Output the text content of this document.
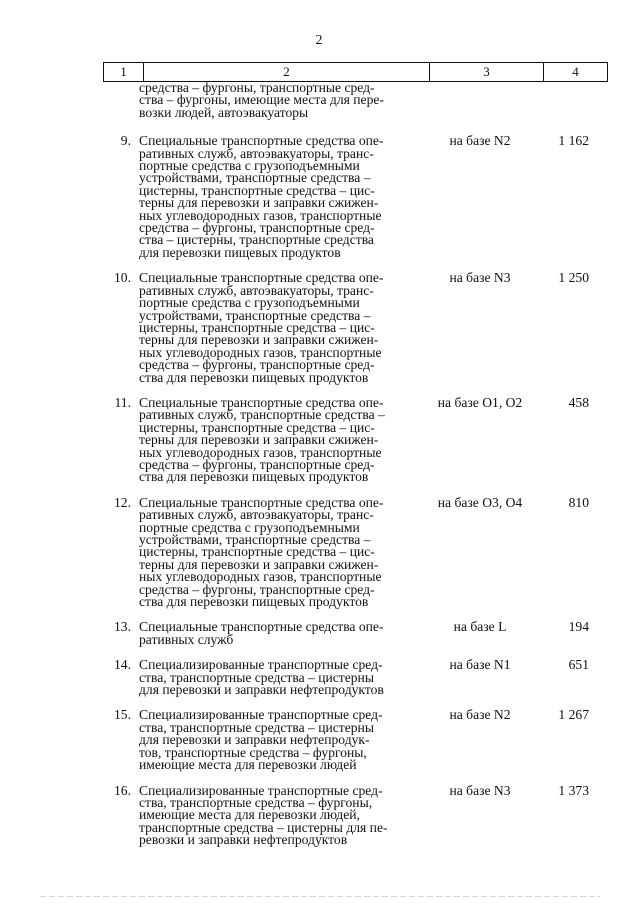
2
1	2	3	4
средства – фургоны, транспортные сред-
ства – фургоны, имеющие места для пере-
возки людей, автоэвакуаторы
9. Специальные транспортные средства опе-
ративных служб, автоэвакуаторы, транс-
портные средства с грузоподъемными
устройствами, транспортные средства –
цистерны, транспортные средства – цис-
терны для перевозки и заправки сжижен-
ных углеводородных газов, транспортные
средства – фургоны, транспортные сред-
ства – цистерны, транспортные средства
для перевозки пищевых продуктов
на базе N2	1 162
10. Специальные транспортные средства опе-
ративных служб, автоэвакуаторы, транс-
портные средства с грузоподъемными
устройствами, транспортные средства –
цистерны, транспортные средства – цис-
терны для перевозки и заправки сжижен-
ных углеводородных газов, транспортные
средства – фургоны, транспортные сред-
ства для перевозки пищевых продуктов
на базе N3	1 250
11. Специальные транспортные средства опе-
ративных служб, транспортные средства –
цистерны, транспортные средства – цис-
терны для перевозки и заправки сжижен-
ных углеводородных газов, транспортные
средства – фургоны, транспортные сред-
ства для перевозки пищевых продуктов
на базе O1, O2	458
12. Специальные транспортные средства опе-
ративных служб, автоэвакуаторы, транс-
портные средства с грузоподъемными
устройствами, транспортные средства –
цистерны, транспортные средства – цис-
терны для перевозки и заправки сжижен-
ных углеводородных газов, транспортные
средства – фургоны, транспортные сред-
ства для перевозки пищевых продуктов
на базе O3, O4	810
13. Специальные транспортные средства опе-
ративных служб
на базе L	194
14. Специализированные транспортные сред-
ства, транспортные средства – цистерны
для перевозки и заправки нефтепродуктов
на базе N1	651
15. Специализированные транспортные сред-
ства, транспортные средства – цистерны
для перевозки и заправки нефтепродук-
тов, транспортные средства – фургоны,
имеющие места для перевозки людей
на базе N2	1 267
16. Специализированные транспортные сред-
ства, транспортные средства – фургоны,
имеющие места для перевозки людей,
транспортные средства – цистерны для пе-
ревозки и заправки нефтепродуктов
на базе N3	1 373
